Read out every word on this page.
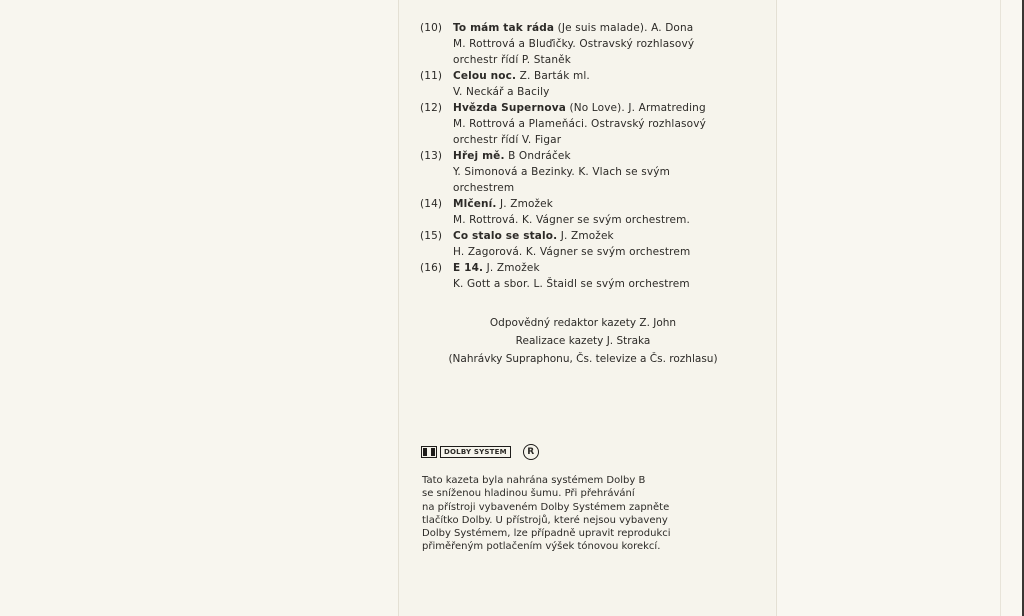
(10)	To mám tak ráda (Je suis malade). A. Dona
M. Rottrová a Bluďičky. Ostravský rozhlasový
orchestr řídí P. Staněk
(11)	Celou noc. Z. Barták ml.
V. Neckář a Bacily
(12)	Hvězda Supernova (No Love). J. Armatreding
M. Rottrová a Plameňáci. Ostravský rozhlasový
orchestr řídí V. Figar
(13)	Hřej mě. B Ondráček
Y. Simonová a Bezinky. K. Vlach se svým
orchestrem
(14)	Mlčení. J. Zmožek
M. Rottrová. K. Vágner se svým orchestrem.
(15)	Co stalo se stalo. J. Zmožek
H. Zagorová. K. Vágner se svým orchestrem
(16)	E 14. J. Zmožek
K. Gott a sbor. L. Štaidl se svým orchestrem
Odpovědný redaktor kazety Z. John
Realizace kazety J. Straka
(Nahrávky Supraphonu, Čs. televize a Čs. rozhlasu)
DOLBY SYSTEM	R
Tato kazeta byla nahrána systémem Dolby B
se sníženou hladinou šumu. Při přehrávání
na přístroji vybaveném Dolby Systémem zapněte
tlačítko Dolby. U přístrojů, které nejsou vybaveny
Dolby Systémem, lze případně upravit reprodukci
přiměřeným potlačením výšek tónovou korekcí.
